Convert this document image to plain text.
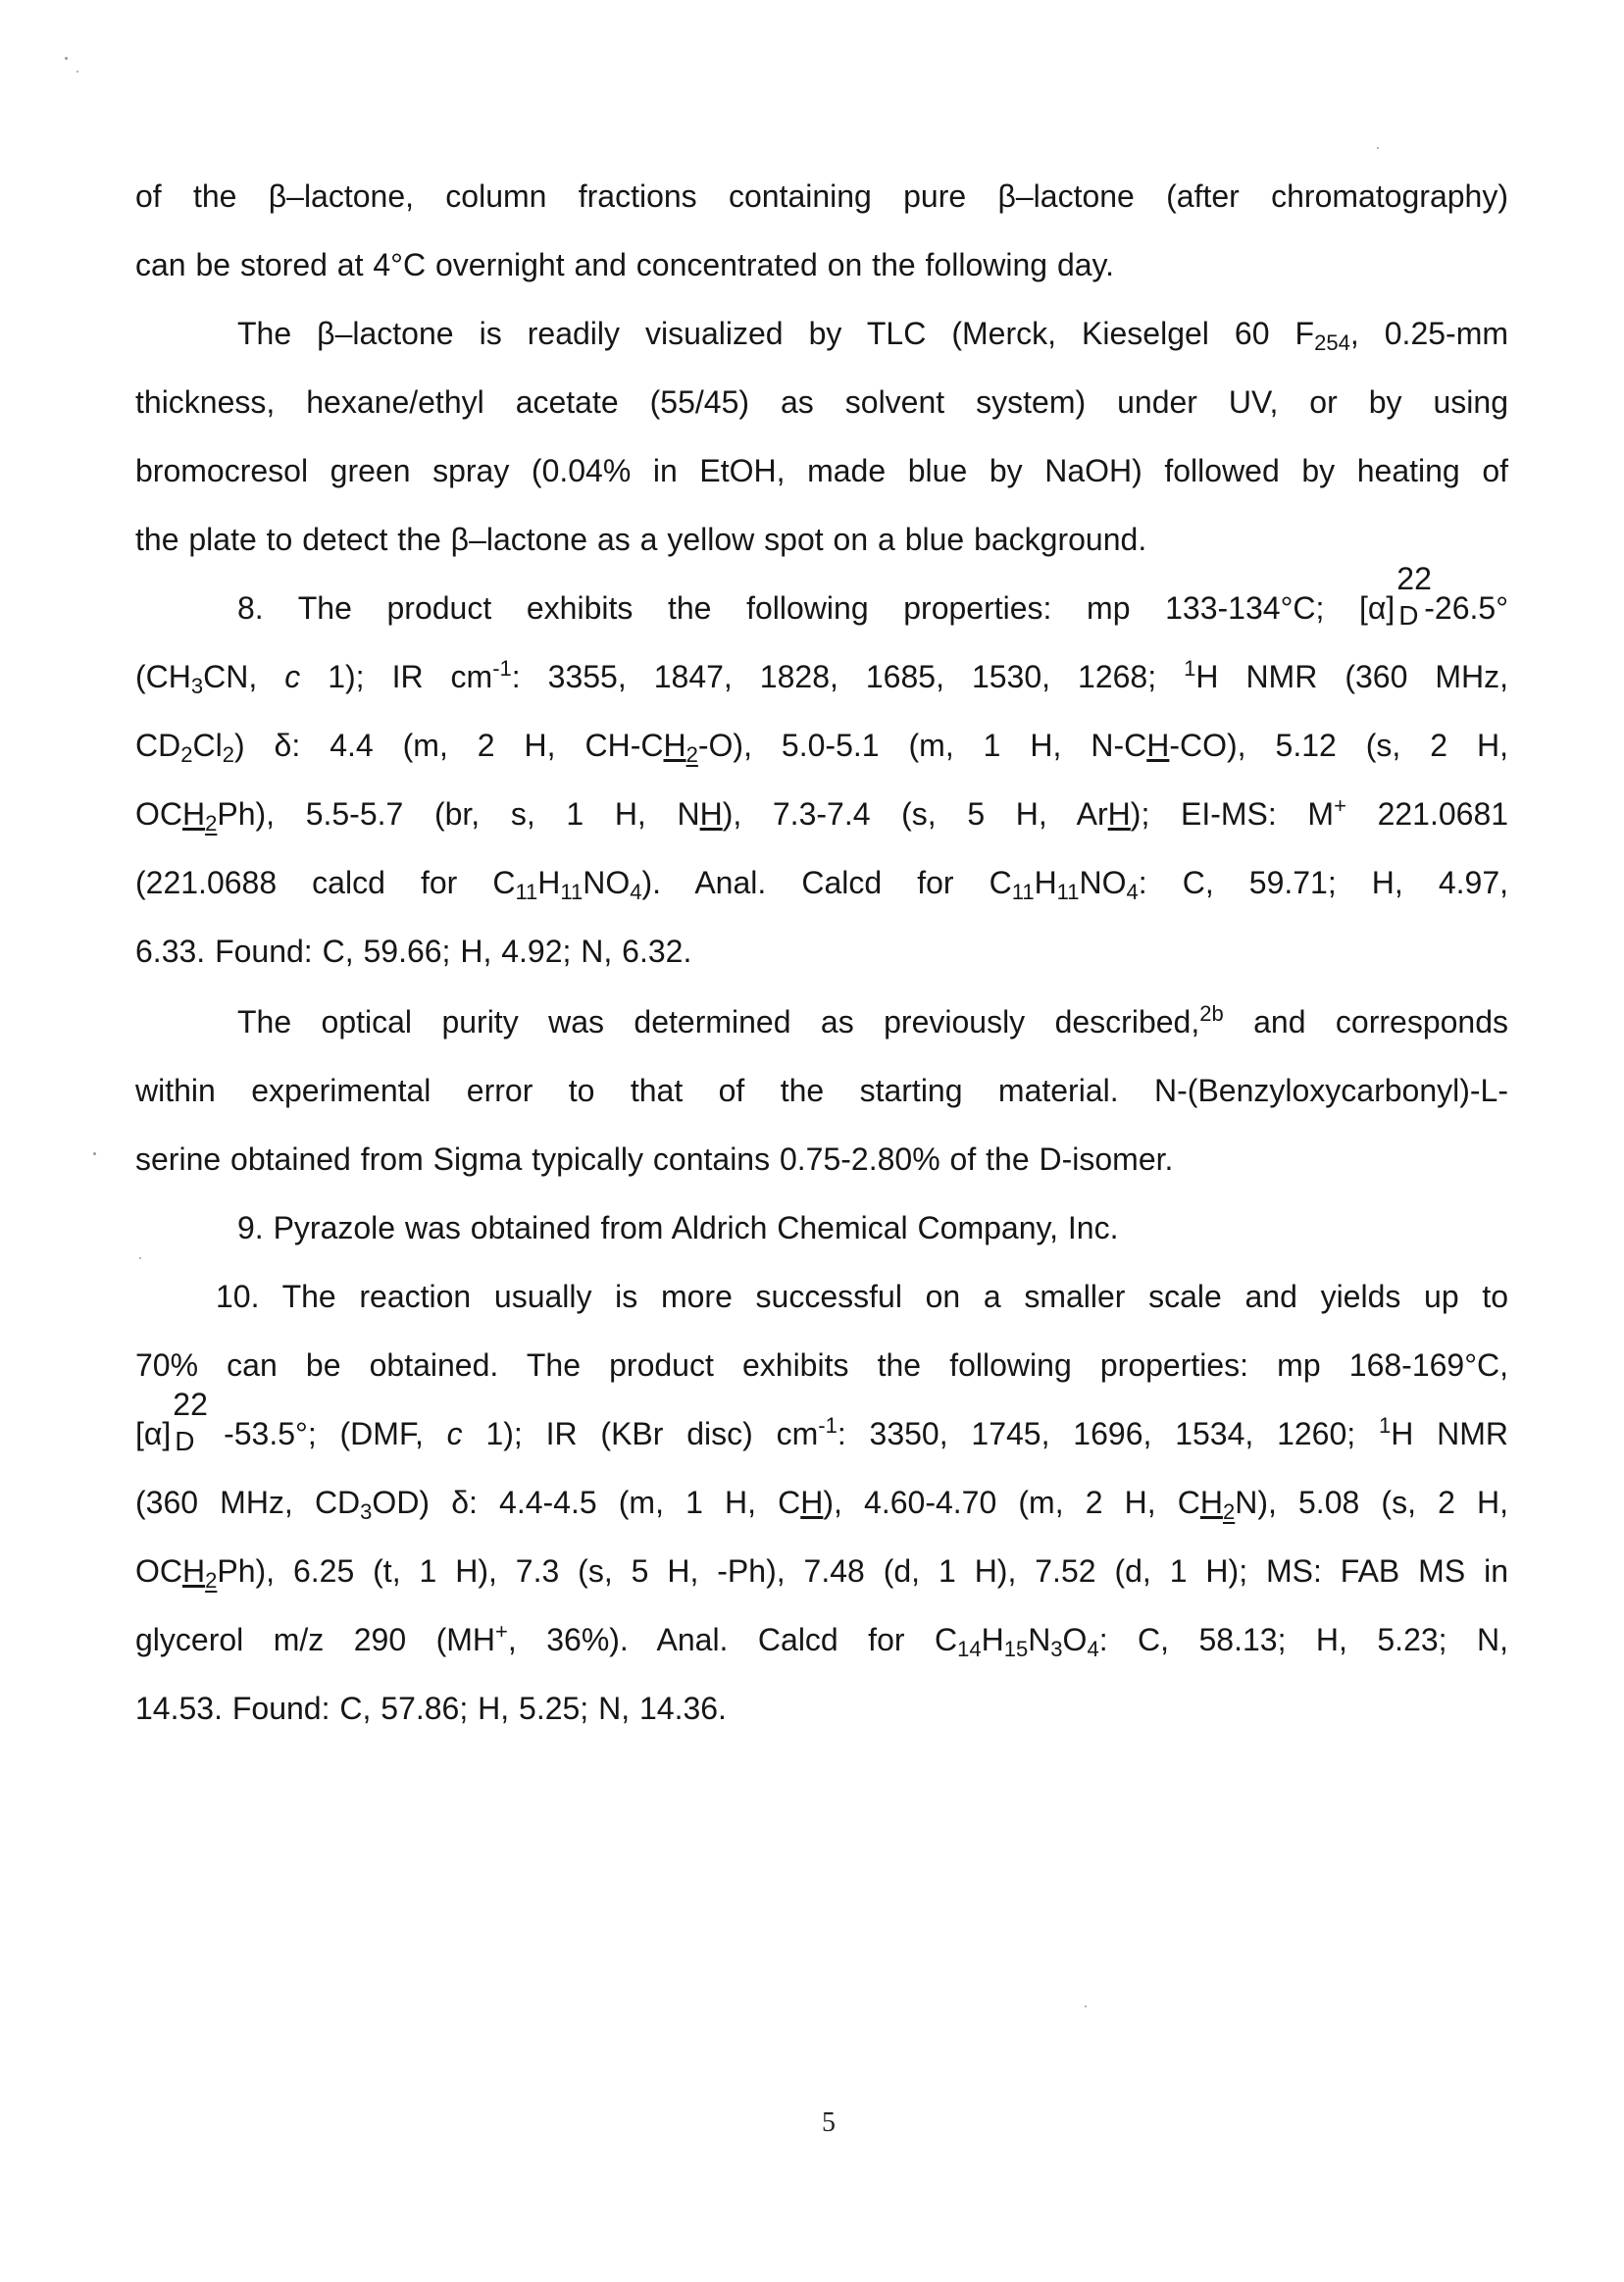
of the β–lactone, column fractions containing pure β–lactone (after chromatography)
can be stored at 4°C overnight and concentrated on the following day.
The β–lactone is readily visualized by TLC (Merck, Kieselgel 60 $F_{254}$, 0.25-mm
thickness, hexane/ethyl acetate (55/45) as solvent system) under UV, or by using
bromocresol green spray (0.04% in EtOH, made blue by NaOH) followed by heating of
the plate to detect the β–lactone as a yellow spot on a blue background.
8. The product exhibits the following properties: mp 133-134°C; [α]
22
D -26.5°
($CH_3CN$, c 1); IR $cm^{-1}$: 3355, 1847, 1828, 1685, 1530, 1268; $^1$H NMR (360 MHz,
$CD_2Cl_2$) δ: 4.4 (m, 2 H, $CH-CH_2-O$), 5.0-5.1 (m, 1 H, N-CH-CO), 5.12 (s, 2 H,
$OCH_2Ph$), 5.5-5.7 (br, s, 1 H, NH), 7.3-7.4 (s, 5 H, ArH); EI-MS: M+ 221.0681
(221.0688 calcd for $C_{11}H_{11}NO_4$). Anal. Calcd for $C_{11}H_{11}NO_4$: C, 59.71; H, 4.97,
6.33. Found: C, 59.66; H, 4.92; N, 6.32.
The optical purity was determined as previously described,$^{2b}$ and corresponds
within experimental error to that of the starting material. N-(Benzyloxycarbonyl)-L-
serine obtained from Sigma typically contains 0.75-2.80% of the D-isomer.
9. Pyrazole was obtained from Aldrich Chemical Company, Inc.
10. The reaction usually is more successful on a smaller scale and yields up to
70% can be obtained. The product exhibits the following properties: mp 168-169°C,
[α]
22
D -53.5°; (DMF, c 1); IR (KBr disc) $cm^{-1}$: 3350, 1745, 1696, 1534, 1260; $^1$H NMR
(360 MHz, $CD_3OD$) δ: 4.4-4.5 (m, 1 H, CH), 4.60-4.70 (m, 2 H, $CH_2N$), 5.08 (s, 2 H,
$OCH_2Ph$), 6.25 (t, 1 H), 7.3 (s, 5 H, -Ph), 7.48 (d, 1 H), 7.52 (d, 1 H); MS: FAB MS in
glycerol m/z 290 (MH+, 36%). Anal. Calcd for $C_{14}H_{15}N_3O_4$: C, 58.13; H, 5.23; N,
14.53. Found: C, 57.86; H, 5.25; N, 14.36.
5
